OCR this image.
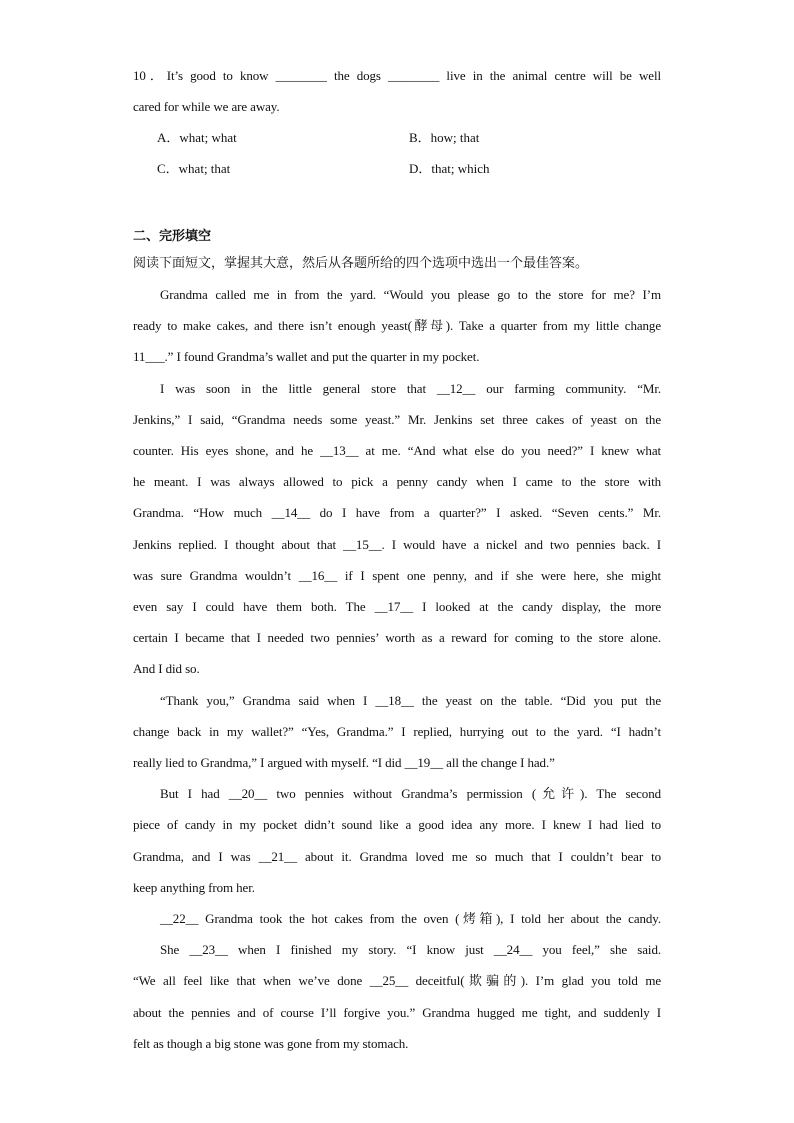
10．It’s good to know ________ the dogs ________ live in the animal centre will be well
cared for while we are away.
A．what; what	B．how; that
C．what; that	D．that; which
二、完形填空
阅读下面短文，掌握其大意，然后从各题所给的四个选项中选出一个最佳答案。
Grandma called me in from the yard. “Would you please go to the store for me? I’m
ready to make cakes, and there isn’t enough yeast(酵母). Take a quarter from my little change
11___.” I found Grandma’s wallet and put the quarter in my pocket.
I was soon in the little general store that __12__ our farming community. “Mr.
Jenkins,” I said, “Grandma needs some yeast.” Mr. Jenkins set three cakes of yeast on the
counter. His eyes shone, and he __13__ at me. “And what else do you need?” I knew what
he meant. I was always allowed to pick a penny candy when I came to the store with
Grandma. “How much __14__ do I have from a quarter?” I asked. “Seven cents.” Mr.
Jenkins replied. I thought about that __15__. I would have a nickel and two pennies back. I
was sure Grandma wouldn’t __16__ if I spent one penny, and if she were here, she might
even say I could have them both. The __17__ I looked at the candy display, the more
certain I became that I needed two pennies’ worth as a reward for coming to the store alone.
And I did so.
“Thank you,” Grandma said when I __18__ the yeast on the table. “Did you put the
change back in my wallet?” “Yes, Grandma.” I replied, hurrying out to the yard. “I hadn’t
really lied to Grandma,” I argued with myself. “I did __19__ all the change I had.”
But I had __20__ two pennies without Grandma’s permission (允许). The second
piece of candy in my pocket didn’t sound like a good idea any more. I knew I had lied to
Grandma, and I was __21__ about it. Grandma loved me so much that I couldn’t bear to
keep anything from her.
__22__ Grandma took the hot cakes from the oven (烤箱), I told her about the candy.
She __23__ when I finished my story. “I know just __24__ you feel,” she said.
“We all feel like that when we’ve done __25__ deceitful(欺骗的). I’m glad you told me
about the pennies and of course I’ll forgive you.” Grandma hugged me tight, and suddenly I
felt as though a big stone was gone from my stomach.
